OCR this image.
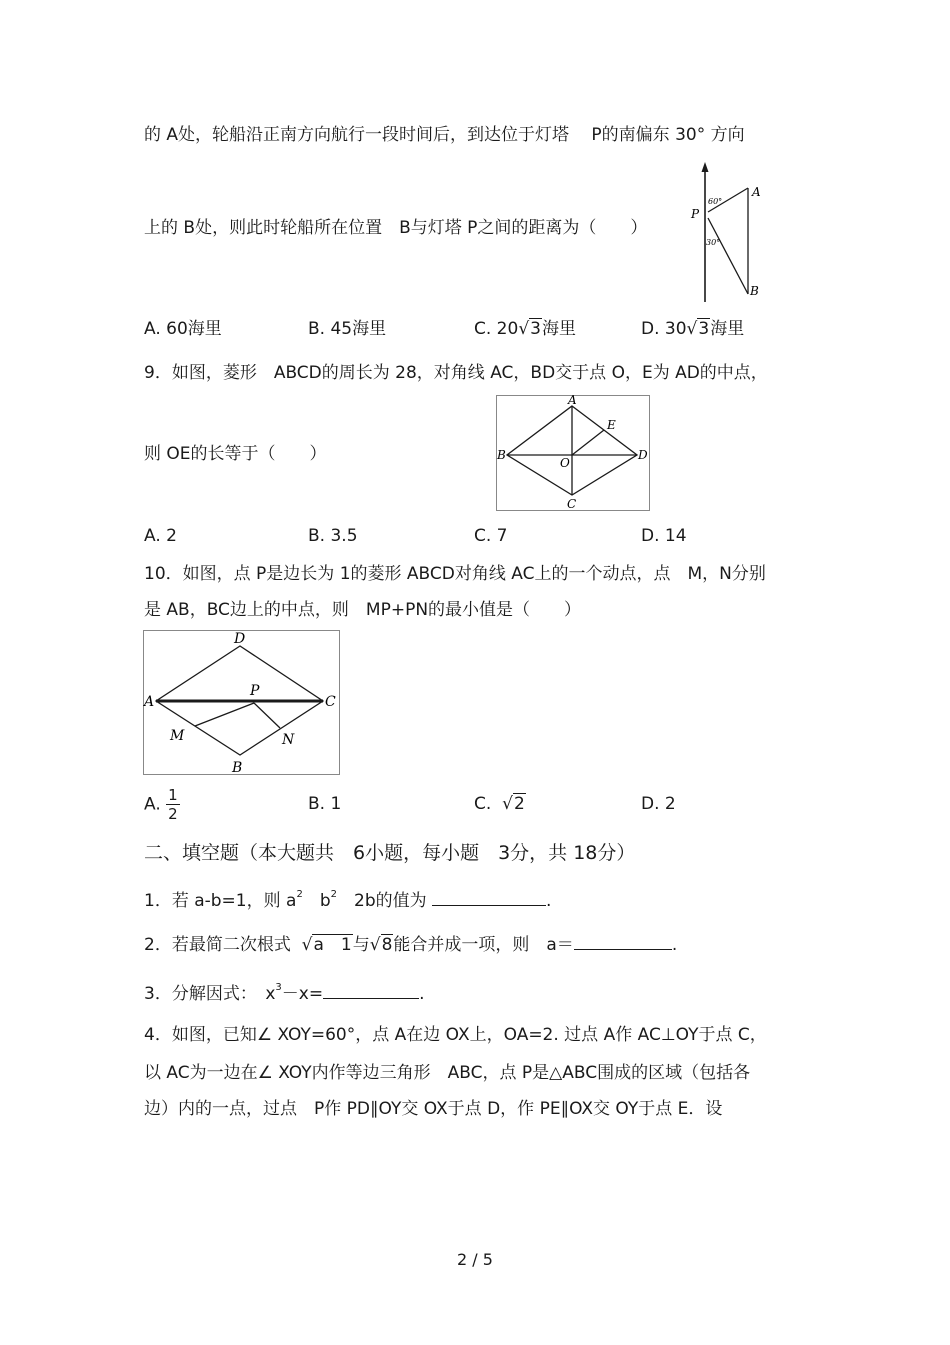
的 A处，轮船沿正南方向航行一段时间后，到达位于灯塔　 P的南偏东 30° 方向
上的 B处，则此时轮船所在位置　B与灯塔 P之间的距离为（　　）
A
B
P
60°
30°
A. 60海里	B. 45海里	C. 20√3海里	D. 30√3海里
9．如图，菱形　ABCD的周长为 28，对角线 AC，BD交于点 O，E为 AD的中点，
则 OE的长等于（　　）
A
B
C
D
E
O
A. 2	B. 3.5	C. 7	D. 14
10．如图，点 P是边长为 1的菱形 ABCD对角线 AC上的一个动点，点　M，N分别
是 AB，BC边上的中点，则　MP+PN的最小值是（　　）
D
A	C
B
P
M	N
A. $\frac{1}{2}$	B. 1	C. √2	D. 2
二、填空题（本大题共　6小题，每小题　3分，共 18分）
1．若 a-b=1，则 $a^2$　$b^2$　2b的值为	.
2．若最简二次根式 √a　1与√8能合并成一项，则　a＝	.
3．分解因式：　$x^3-x=$	.
4．如图，已知∠ XOY=60°，点 A在边 OX上，OA=2. 过点 A作 AC⊥OY于点 C，
以 AC为一边在∠ XOY内作等边三角形　ABC，点 P是△ABC围成的区域（包括各
边）内的一点，过点　P作 PD∥OY交 OX于点 D，作 PE∥OX交 OY于点 E．设
2 / 5
